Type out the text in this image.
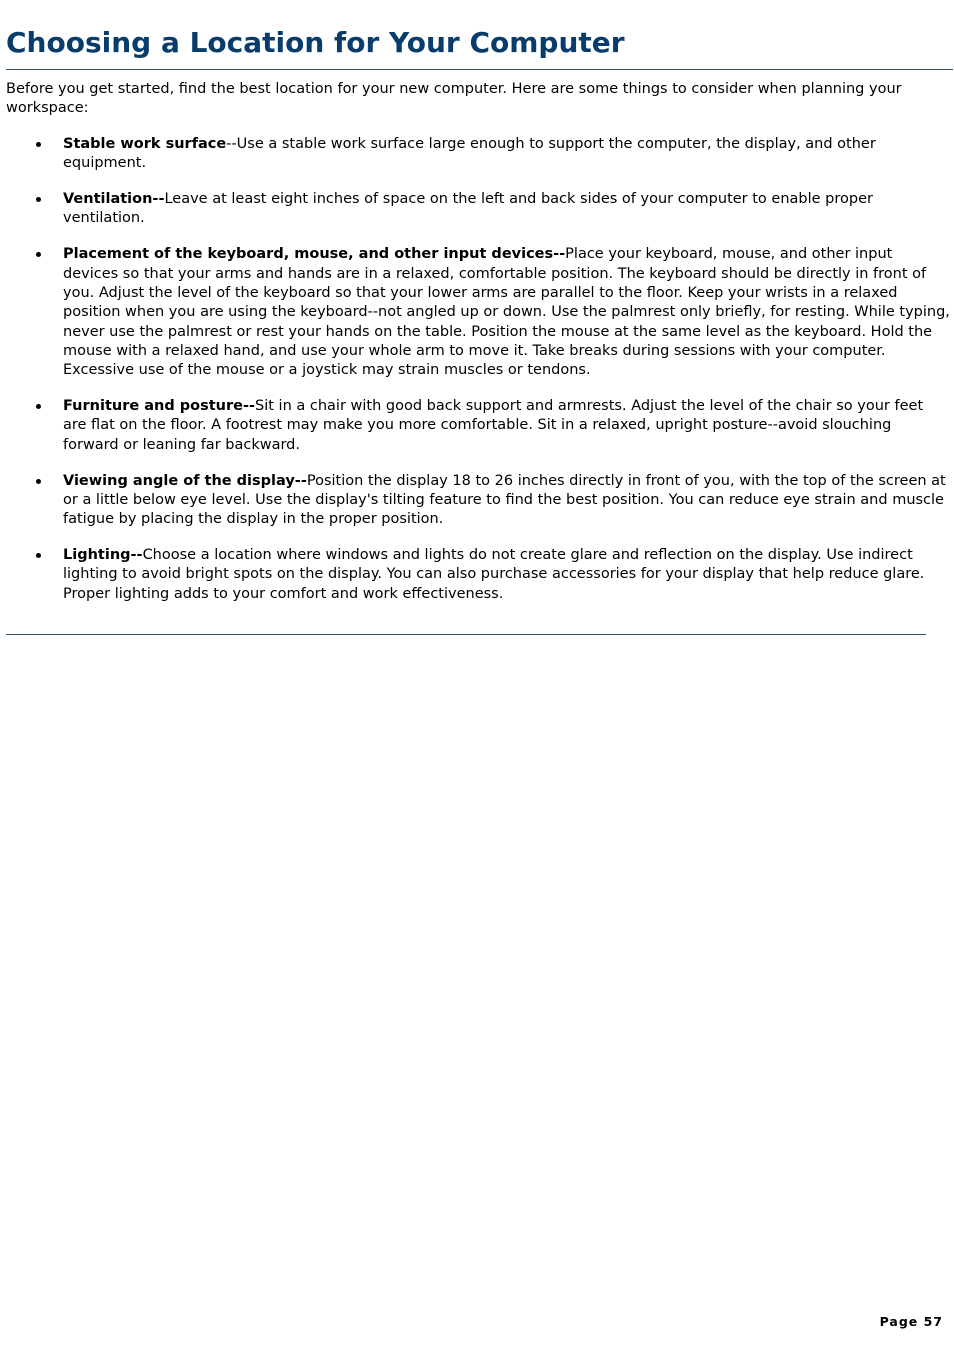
Choosing a Location for Your Computer

Before you get started, find the best location for your new computer. Here are some things to consider when planning your workspace:

Stable work surface--Use a stable work surface large enough to support the computer, the display, and other equipment.
Ventilation--Leave at least eight inches of space on the left and back sides of your computer to enable proper ventilation.
Placement of the keyboard, mouse, and other input devices--Place your keyboard, mouse, and other input devices so that your arms and hands are in a relaxed, comfortable position. The keyboard should be directly in front of you. Adjust the level of the keyboard so that your lower arms are parallel to the floor. Keep your wrists in a relaxed position when you are using the keyboard--not angled up or down. Use the palmrest only briefly, for resting. While typing, never use the palmrest or rest your hands on the table. Position the mouse at the same level as the keyboard. Hold the mouse with a relaxed hand, and use your whole arm to move it. Take breaks during sessions with your computer. Excessive use of the mouse or a joystick may strain muscles or tendons.
Furniture and posture--Sit in a chair with good back support and armrests. Adjust the level of the chair so your feet are flat on the floor. A footrest may make you more comfortable. Sit in a relaxed, upright posture--avoid slouching forward or leaning far backward.
Viewing angle of the display--Position the display 18 to 26 inches directly in front of you, with the top of the screen at or a little below eye level. Use the display's tilting feature to find the best position. You can reduce eye strain and muscle fatigue by placing the display in the proper position.
Lighting--Choose a location where windows and lights do not create glare and reflection on the display. Use indirect lighting to avoid bright spots on the display. You can also purchase accessories for your display that help reduce glare. Proper lighting adds to your comfort and work effectiveness.
Page 57
